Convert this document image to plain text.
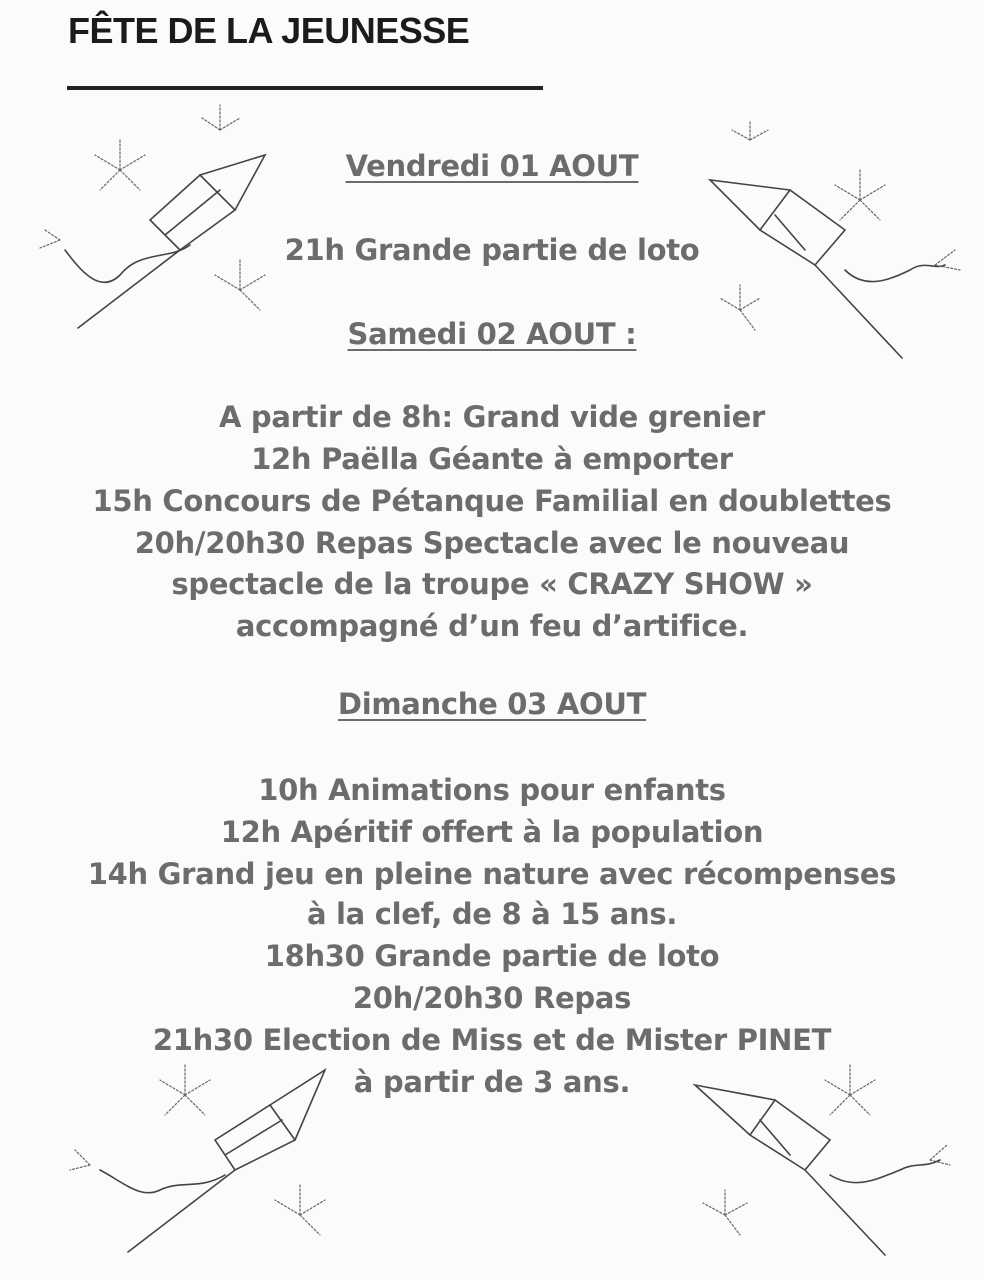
FÊTE DE LA JEUNESSE
Vendredi 01 AOUT
21h Grande partie de loto
Samedi 02 AOUT :
A partir de 8h: Grand vide grenier
12h Paëlla Géante à emporter
15h Concours de Pétanque Familial en doublettes
20h/20h30 Repas Spectacle avec le nouveau
spectacle de la troupe « CRAZY SHOW »
accompagné d’un feu d’artifice.
Dimanche 03 AOUT
10h Animations pour enfants
12h Apéritif offert à la population
14h Grand jeu en pleine nature avec récompenses
à la clef, de 8 à 15 ans.
18h30 Grande partie de loto
20h/20h30 Repas
21h30 Election de Miss et de Mister PINET
à partir de 3 ans.
